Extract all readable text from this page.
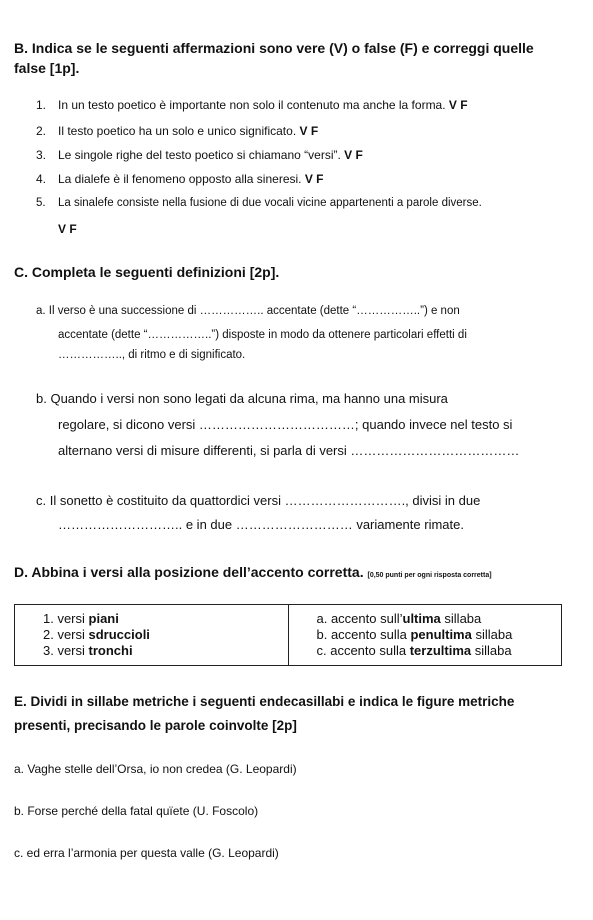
B. Indica se le seguenti affermazioni sono vere (V) o false (F) e correggi quelle
false [1p].
1. In un testo poetico è importante non solo il contenuto ma anche la forma. V F
2. Il testo poetico ha un solo e unico significato. V F
3. Le singole righe del testo poetico si chiamano “versi”. V F
4. La dialefe è il fenomeno opposto alla sineresi. V F
5. La sinalefe consiste nella fusione di due vocali vicine appartenenti a parole diverse.
V F
C. Completa le seguenti definizioni [2p].
a. Il verso è una successione di …………….. accentate (dette “……………..”) e non
accentate (dette “……………..”) disposte in modo da ottenere particolari effetti di
…………….., di ritmo e di significato.
b. Quando i versi non sono legati da alcuna rima, ma hanno una misura
regolare, si dicono versi ………………………………; quando invece nel testo si
alternano versi di misure differenti, si parla di versi …………………………………
c. Il sonetto è costituito da quattordici versi ………………………., divisi in due
……………………….. e in due ……………………… variamente rimate.
D. Abbina i versi alla posizione dell’accento corretta. [0,50 punti per ogni risposta corretta]
1. versi piani
2. versi sdruccioli
3. versi tronchi

a. accento sull’ultima sillaba
b. accento sulla penultima sillaba
c. accento sulla terzultima sillaba
E. Dividi in sillabe metriche i seguenti endecasillabi e indica le figure metriche
presenti, precisando le parole coinvolte [2p]
a. Vaghe stelle dell’Orsa, io non credea (G. Leopardi)
b. Forse perché della fatal quïete (U. Foscolo)
c. ed erra l’armonia per questa valle (G. Leopardi)
